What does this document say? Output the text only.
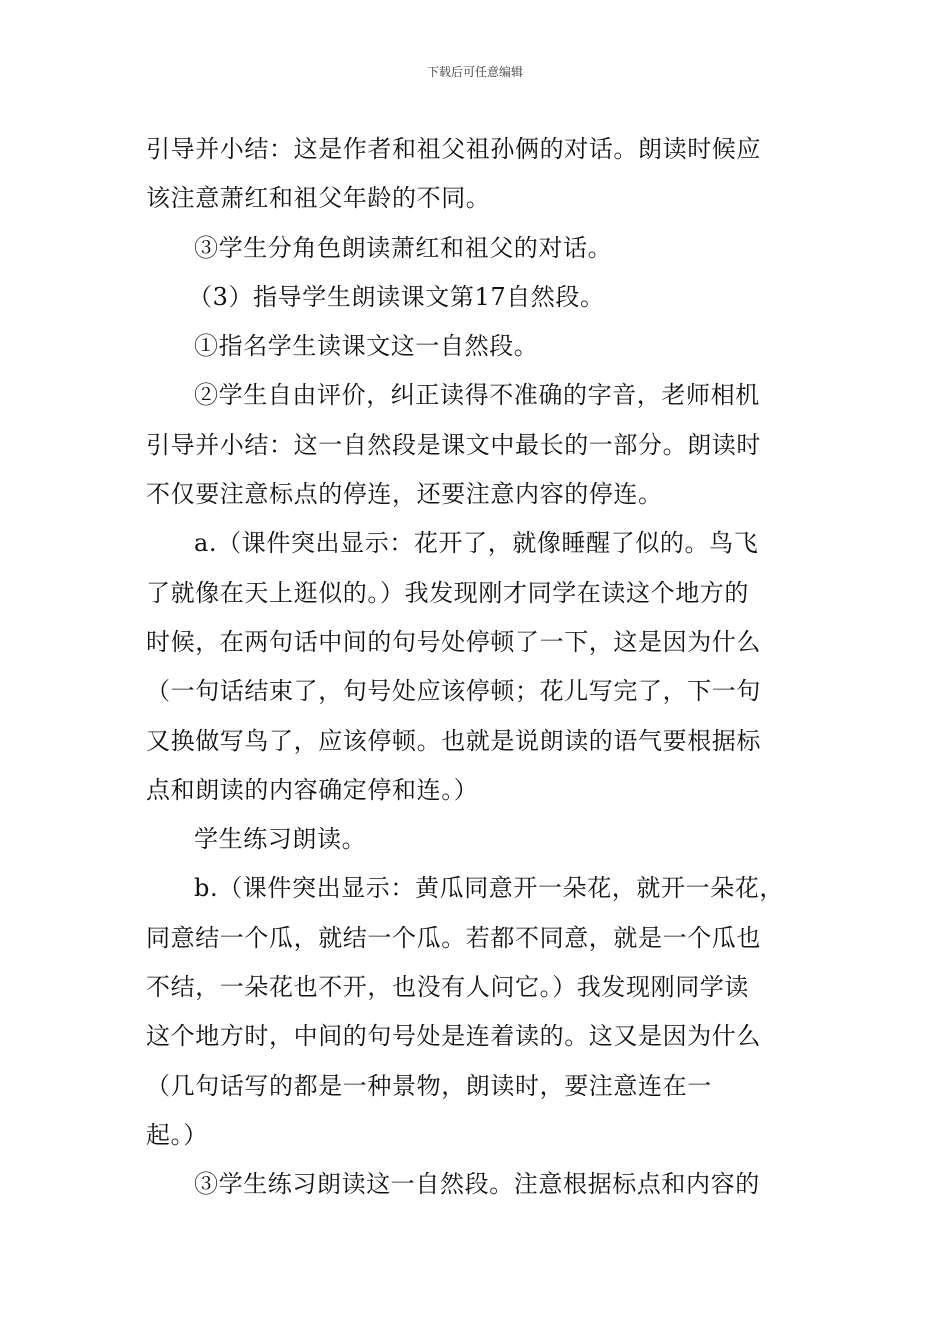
下载后可任意编辑
引导并小结：这是作者和祖父祖孙俩的对话。朗读时候应
该注意萧红和祖父年龄的不同。
③学生分角色朗读萧红和祖父的对话。
（3）指导学生朗读课文第17自然段。
①指名学生读课文这一自然段。
②学生自由评价，纠正读得不准确的字音，老师相机
引导并小结：这一自然段是课文中最长的一部分。朗读时
不仅要注意标点的停连，还要注意内容的停连。
a.（课件突出显示：花开了，就像睡醒了似的。鸟飞
了就像在天上逛似的。）我发现刚才同学在读这个地方的
时候，在两句话中间的句号处停顿了一下，这是因为什么
（一句话结束了，句号处应该停顿；花儿写完了，下一句
又换做写鸟了，应该停顿。也就是说朗读的语气要根据标
点和朗读的内容确定停和连。）
学生练习朗读。
b.（课件突出显示：黄瓜同意开一朵花，就开一朵花，
同意结一个瓜，就结一个瓜。若都不同意，就是一个瓜也
不结，一朵花也不开，也没有人问它。）我发现刚同学读
这个地方时，中间的句号处是连着读的。这又是因为什么
（几句话写的都是一种景物，朗读时，要注意连在一
起。）
③学生练习朗读这一自然段。注意根据标点和内容的
